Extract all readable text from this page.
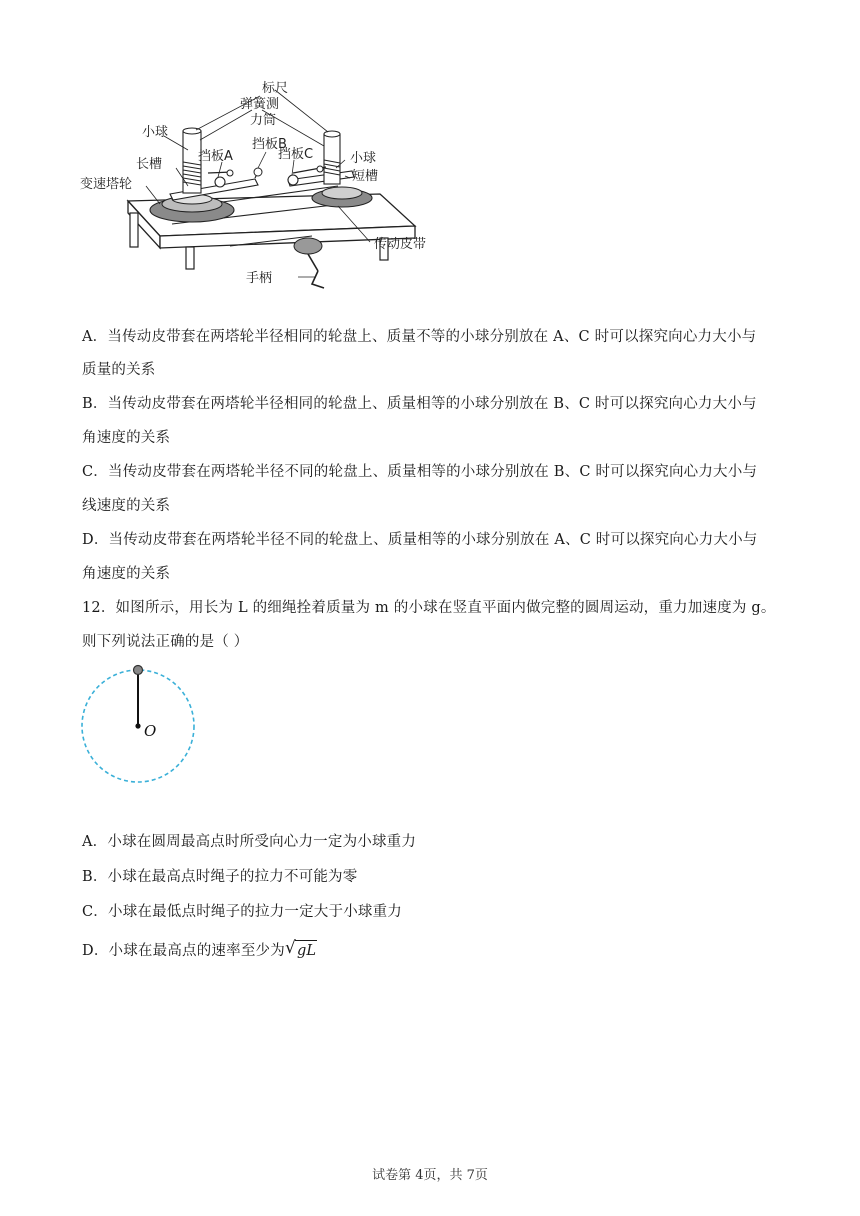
标尺
弹簧测
力筒
小球
挡板B
挡板A	挡板C	小球
长槽
短槽
变速塔轮
传动皮带
手柄
A．当传动皮带套在两塔轮半径相同的轮盘上、质量不等的小球分别放在 A、C 时可以探究向心力大小与
质量的关系
B．当传动皮带套在两塔轮半径相同的轮盘上、质量相等的小球分别放在 B、C 时可以探究向心力大小与
角速度的关系
C．当传动皮带套在两塔轮半径不同的轮盘上、质量相等的小球分别放在 B、C 时可以探究向心力大小与
线速度的关系
D．当传动皮带套在两塔轮半径不同的轮盘上、质量相等的小球分别放在 A、C 时可以探究向心力大小与
角速度的关系
12．如图所示，用长为 L 的细绳拴着质量为 m 的小球在竖直平面内做完整的圆周运动，重力加速度为 g。
则下列说法正确的是（ ）
O
A．小球在圆周最高点时所受向心力一定为小球重力
B．小球在最高点时绳子的拉力不可能为零
C．小球在最低点时绳子的拉力一定大于小球重力
D．小球在最高点的速率至少为 √ gL
试卷第 4页，共 7页
